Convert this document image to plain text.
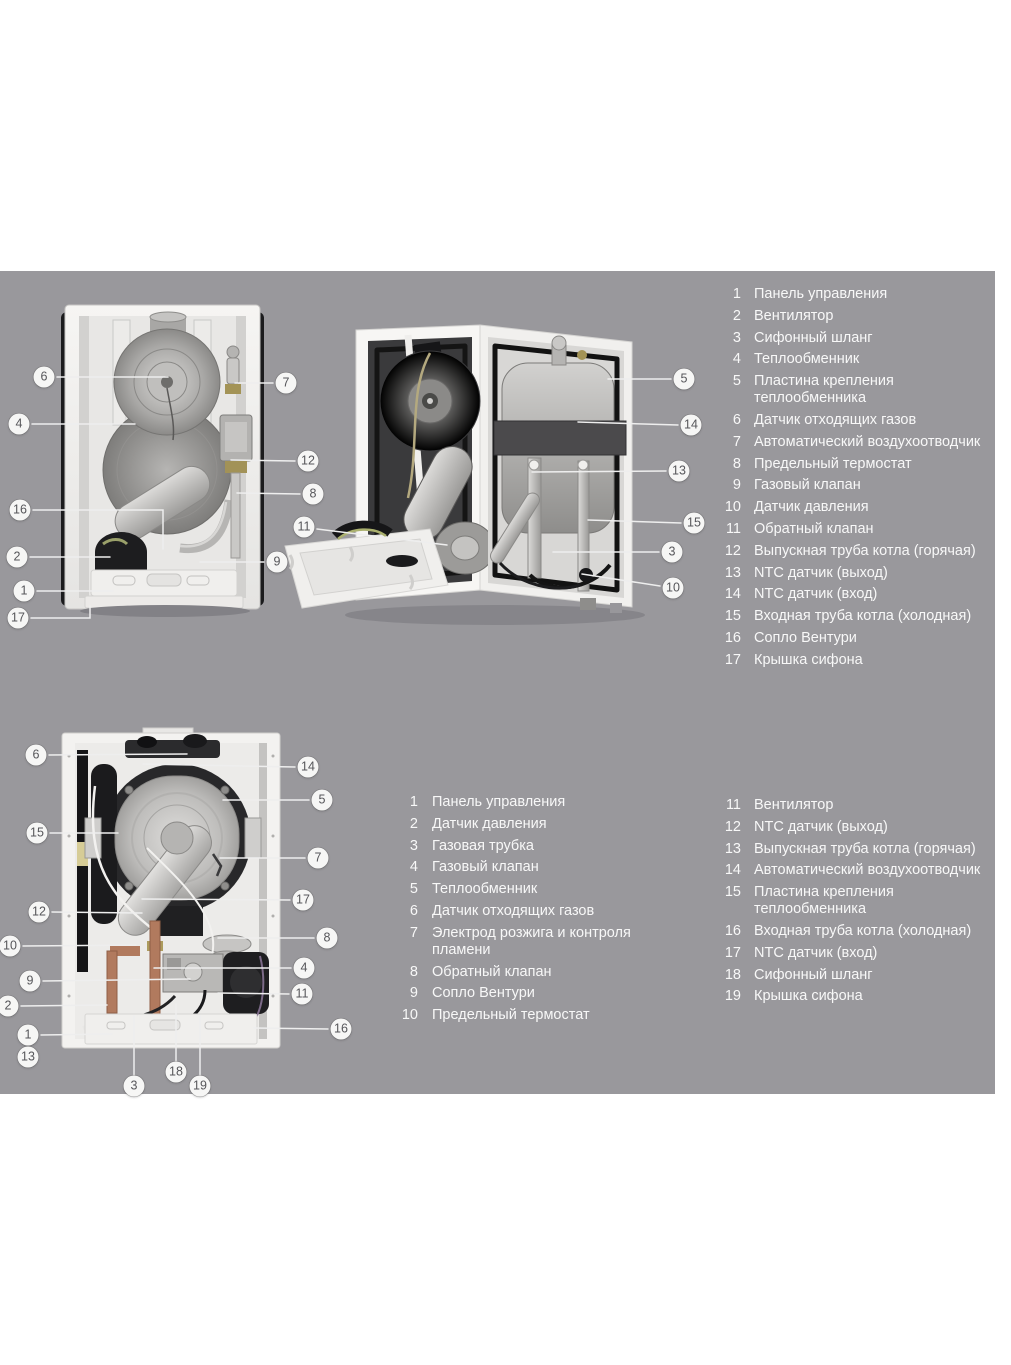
1 Панель управления
2 Вентилятор
3 Сифонный шланг
4 Теплообменник
5 Пластина крепления теплообменника
6 Датчик отходящих газов
7 Автоматический воздухоотводчик
8 Предельный термостат
9 Газовый клапан
10 Датчик давления
11 Обратный клапан
12 Выпускная труба котла (горячая)
13 NTC датчик (выход)
14 NTC датчик (вход)
15 Входная труба котла (холодная)
16 Сопло Вентури
17 Крышка сифона
1 Панель управления
2 Датчик давления
3 Газовая трубка
4 Газовый клапан
5 Теплообменник
6 Датчик отходящих газов
7 Электрод розжига и контроля пламени
8 Обратный клапан
9 Сопло Вентури
10 Предельный термостат
11 Вентилятор
12 NTC датчик (выход)
13 Выпускная труба котла (горячая)
14 Автоматический воздухоотводчик
15 Пластина крепления теплообменника
16 Входная труба котла (холодная)
17 NTC датчик (вход)
18 Сифонный шланг
19 Крышка сифона
6	7
4
12
8
16
11
2	9
1
17
5
14
13
15
3
10
6
14
5
15
7
17
12
8
10
4
9
11
2
16
1
13
18
3	19
